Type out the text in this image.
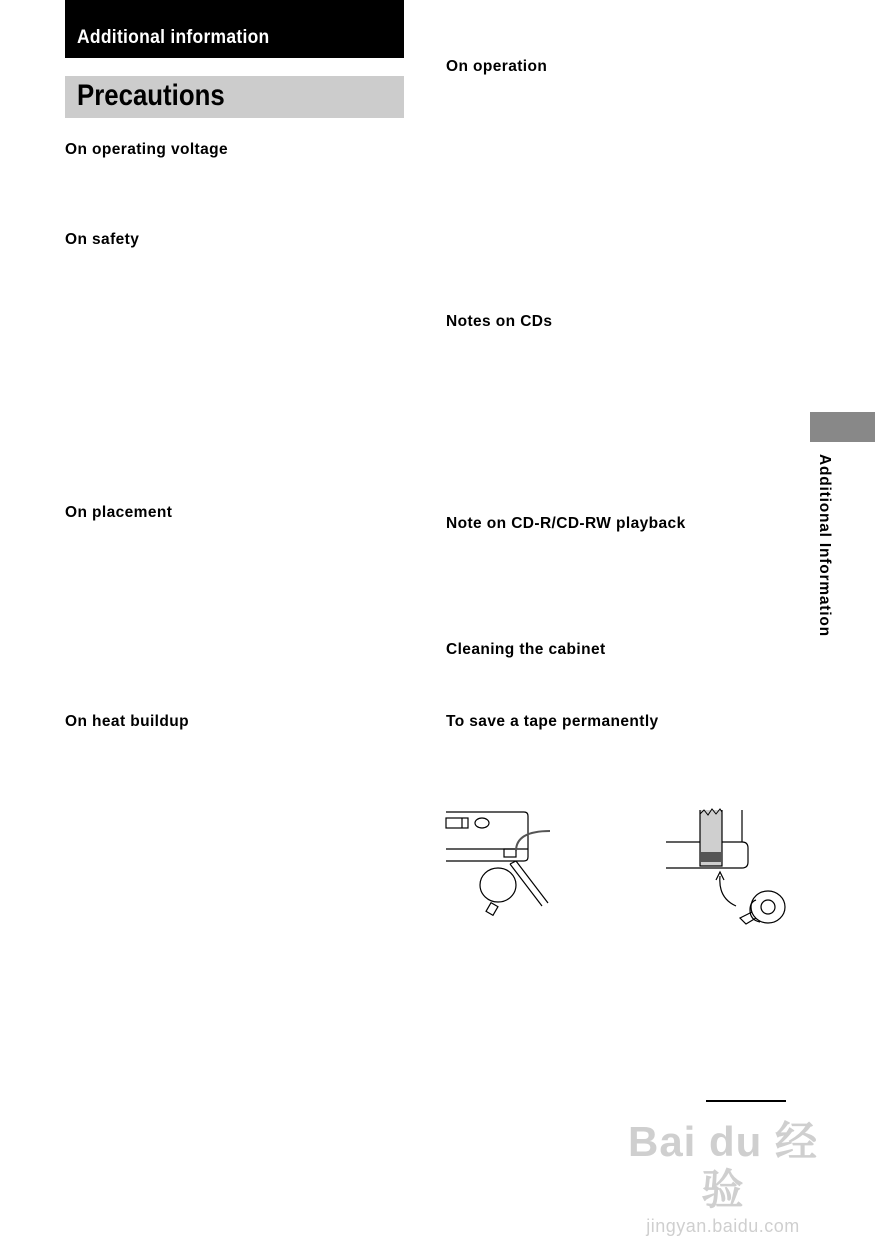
Additional information
Precautions
On operating voltage
On safety
On placement
On heat buildup
On operation
Notes on CDs
Note on CD-R/CD-RW playback
Cleaning the cabinet
To save a tape permanently
Additional Information
Bai du 经验
jingyan.baidu.com
